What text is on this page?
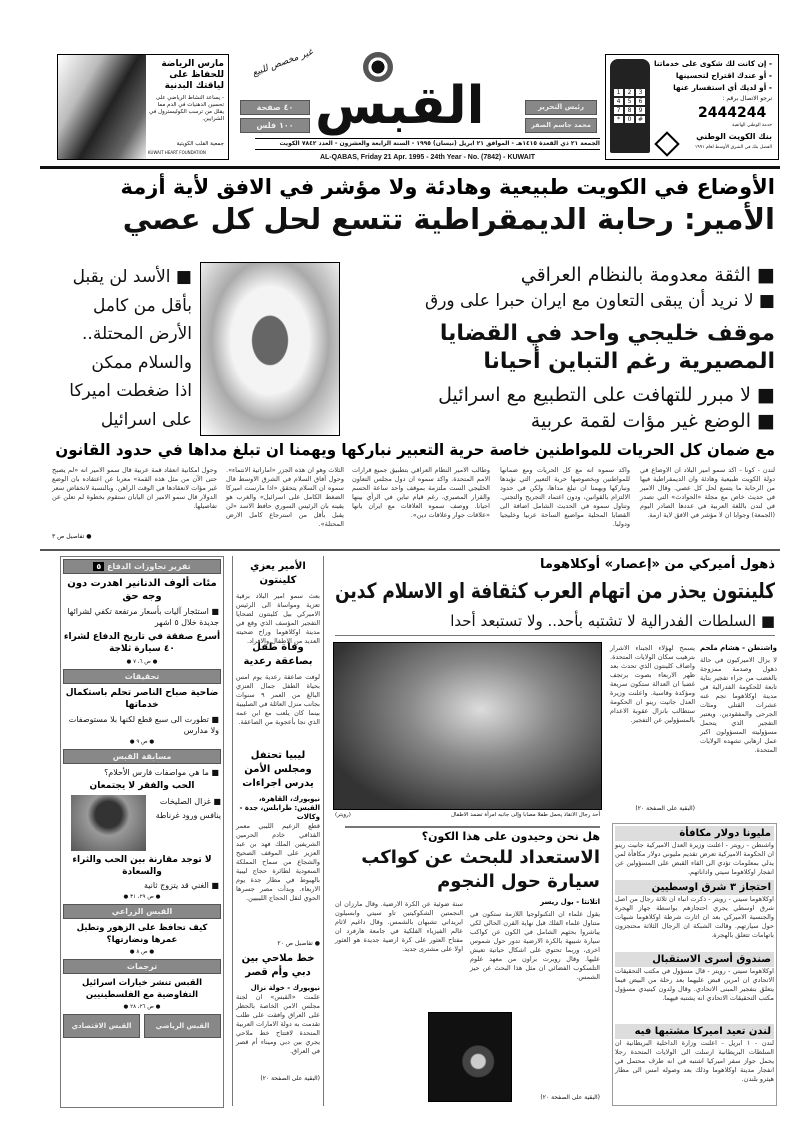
مارس الرياضة للحفاظ على لياقتك البدنية
- يساعد النشاط الرياضي على تحسين الدهنيات في الدم مما يقلل من ترسب الكوليسترول في الشرايين.
جمعية القلب الكويتية
KUWAIT HEART FOUNDATION
٤٠ صفحة
١٠٠ فلس
غير مخصص للبيع
القبس	رئيس التحرير
محمد جاسم الصقر
الجمعة ٢١ ذي القعدة ١٤١٥هـ - الموافق ٢١ ابريل (نيسان) ١٩٩٥ - السنة الرابعة والعشرون - العدد ٧٨٤٢ الكويت
AL-QABAS, Friday 21 Apr. 1995 - 24th Year - No. (7842) - KUWAIT
1	2	3
4	5	6
7	8	9
*	0	#
- إن كانت لك شكوى على خدماتنا
- أو عندك اقتراح لتحسينها
- أو لديك أي استفسار عنها
نرجو الاتصال برقم :
2444244
خدمة الوطني الهاتفية
بنك الكويت الوطني
الفضل بنك في الشرق الأوسط لعام ١٩٩١
الأوضاع في الكويت طبيعية وهادئة ولا مؤشر في الافق لأية أزمة
الأمير: رحابة الديمقراطية تتسع لحل كل عصي
■ الأسد لن يقبل
بأقل من كامل
الأرض المحتلة..
والسلام ممكن
اذا ضغطت اميركا
على اسرائيل
■ الثقة معدومة بالنظام العراقي
■ لا نريد أن يبقى التعاون مع ايران حبرا على ورق
موقف خليجي واحد في القضايا
المصيرية رغم التباين أحيانا
■ لا مبرر للتهافت على التطبيع مع اسرائيل
■ الوضع غير مؤات لقمة عربية
مع ضمان كل الحريات للمواطنين خاصة حرية التعبير نباركها ويهمنا ان تبلغ مداها في حدود القانون
لندن - كونا - اكد سمو امير البلاد ان الاوضاع في دولة الكويت طبيعية وهادئة وان الديمقراطية فيها من الرحابة ما يتسع لحل كل عصي. وقال الامير في حديث خاص مع مجلة «الحوادث» التي تصدر في لندن باللغة العربية في عددها الصادر اليوم (الجمعة) وجوابا ان لا مؤشر في الافق لاية ازمة.
واكد سموه انه مع كل الحريات ومع ضمانها للمواطنين وبخصوصها حرية التعبير التي نؤيدها ونباركها ويهمنا ان تبلغ مداها، ولكن في حدود الالتزام بالقوانين، ودون اعتماد التجريح والتجني. وتناول سموه في الحديث الشامل اضافة الى القضايا المحلية مواضيع الساحة عربيا وخليجيا ودوليا.
وطالب الامير النظام العراقي بتطبيق جميع قرارات الامم المتحدة. واكد سموه ان دول مجلس التعاون الخليجي الست ملتزمة بموقف واحد ساعة الحسم والقرار المصيري، رغم قيام تباين في الرأي بينها احيانا. ووصف سموه العلاقات مع ايران بانها «علاقات جوار وعلاقات دين».
الثلاث وهو ان هذه الجزر «اماراتية الانتماء». وحول آفاق السلام في الشرق الاوسط قال سموه ان السلام يتحقق «اذا مارست اميركا الضغط الكامل على اسرائيل» والغرب هو يقينه بان الرئيس السوري حافظ الاسد «لن يقبل بأقل من استرجاع كامل الارض المحتلة».
وحول امكانية انعقاد قمة عربية قال سمو الامير انه «لم يصبح حتى الآن من مثل هذه القمة» معربا عن اعتقاده بان الوضع غير مؤات لانعقادها في الوقت الراهن. وبالنسبة لانخفاض سعر الدولار قال سمو الامير ان اليابان ستقوم بخطوة لم تعلن عن تفاصيلها.
● تفاصيل ص ٣
تقرير تجاوزات الدفاع ٥
مئات ألوف الدنانير اهدرت دون وجه حق
■ استئجار آليات بأسعار مرتفعة تكفي لشرائها جديدة خلال ٥ اشهر
أسرع صفقة في تاريخ الدفاع لشراء ٤٠ سيارة ثلاجة
● ص ٦، ٧ ●
تحقيقات
ضاحية صباح الناصر تحلم باستكمال خدماتها
■ تطورت الى سبع قطع لكنها بلا مستوصفات ولا مدارس
● ص ٩ ●
مسابقة القبس
■ ما هي مواصفات فارس الأحلام؟
الحب والفقر لا يجتمعان
■ غزال الصليخات ينافس ورود غرناطة
لا توجد مقارنة بين الحب والثراء والسعادة
■ الغني قد يتزوج ثانية
● ص ٢٩، ٣١ ●
القبس الزراعي
كيف تحافظ على الزهور وتطيل عمرها ونضارتها؟
● ص ٨ ●
ترجمات
القبس تنشر خيارات اسرائيل التفاوضية مع الفلسطينيين
● ص ٢٦، ٢٨ ●
القبس الرياضي
القبس الاقتصادي
الأمير يعزي كلينتون
بعث سمو امير البلاد برقية تعزية ومواساة الى الرئيس الاميركي بيل كلينتون لضحايا التفجير المؤسف الذي وقع في مدينة اوكلاهوما وراح ضحيته العديد من الاطفال والافراد.
وفاة طفل بصاعقة رعدية
لوفت صاعقة رعدية يوم امس بحياة الطفل جمال العنزي البالغ من العمر ٩ سنوات بجانب منزل العائلة في الصليبية بينما كان يلعب مع ابن عمه الذي نجا بأعجوبة من الصاعقة.
ليبيا تحتفل ومجلس الأمن يدرس اجراءات
نيويورك، القاهرة، القبس: طرابلس، جدة - وكالات
قطع الزعيم الليبي معمر القذافي خادم الحرمين الشريفين الملك فهد بن عبد العزيز على الموقف الصحيح والشجاع من سماح المملكة السعودية لطائرة حجاج ليبية بالهبوط في مطار جدة يوم الاربعاء. وبدأت مصر جسرها الجوي لنقل الحجاج الليبيين.
● تفاصيل ص ٢٠
خط ملاحي بين دبي وأم قصر
نيويورك - خولة نزال
علمت «القبس» ان لجنة مجلس الامن الخاصة بالحظر على العراق وافقت على طلب تقدمت به دولة الامارات العربية المتحدة لافتتاح خط ملاحي يجري بين دبي وميناء أم قصر في العراق.
(البقية على الصفحة ٢٠)
ذهول أميركي من «إعصار» أوكلاهوما
كلينتون يحذر من اتهام العرب كثقافة او الاسلام كدين
■ السلطات الفدرالية لا تشتبه بأحد.. ولا تستبعد أحدا
أحد رجال الانقاذ يحمل طفلا مصابا وإلى جانبه امرأة تضمد الاطفال
(رويتر)
واشنطن - هشام ملحم
لا يزال الاميركيون في حالة ذهول وصدمة ممزوجة بالغضب من جراء تفجير بناية تابعة للحكومة الفدرالية في مدينة اوكلاهوما نجم عنه عشرات القتلى ومئات الجرحى والمفقودين. ويعتبر التفجير الذي يتحمل مسؤوليته المسؤولون اكبر عمل ارهابي تشهده الولايات المتحدة.
يسمح لهؤلاء الجبناء الاشرار بترهيب سكان الولايات المتحدة. واضاف كلينتون الذي تحدث بعد ظهر الاربعاء بصوت يرتجف غضبا ان العدالة ستكون سريعة ومؤكدة وقاسية. واعلنت وزيرة العدل جانيت رينو ان الحكومة ستطالب بانزال عقوبة الاعدام بالمسؤولين عن التفجير.
(البقية على الصفحة ٢٠)
مليونا دولار مكافأة
واشنطن - رويتر - اعلنت وزيرة العدل الاميركية جانيت رينو ان الحكومة الاميركية تعرض تقديم مليوني دولار مكافأة لمن يدلي بمعلومات تؤدي الى القاء القبض على المسؤولين عن انفجار اوكلاهوما سيتي واداناتهم.
احتجاز ٣ شرق اوسطيين
اوكلاهوما سيتي - رويتر - ذكرت انباء ان ثلاثة رجال من اصل شرق اوسطي يجري احتجازهم بواسطة جهاز الهجرة والجنسية الاميركي بعد ان اثارت شرطة اوكلاهوما شبهات حول سيارتهم. وقالت الشبكة ان الرجال الثلاثة محتجزون باتهامات تتعلق بالهجرة.
صندوق أسرى الاستقبال
اوكلاهوما سيتي - رويتر - قال مسؤول في مكتب التحقيقات الاتحادي ان امرين قبض عليهما بعد رحلة من البيض فيما يتعلق بتفجير المبنى الاتحادي. وقال ولدون كينيدي مسؤول مكتب التحقيقات الاتحادي انه يشتبه فيهما.
لندن تعيد اميركا مشتبها فيه
لندن - ١ ابريل - اعلنت وزارة الداخلية البريطانية ان السلطات البريطانية ارسلت الى الولايات المتحدة رجلا يحمل جواز سفر اميركيا اشتبه في انه طرف محتمل في انفجار مدينة اوكلاهوما وذلك بعد وصوله امس الى مطار هيثرو بلندن.
هل نحن وحيدون على هذا الكون؟
الاستعداد للبحث عن كواكب
سيارة حول النجوم
اتلانتا - بول ريسر
يقول علماء ان التكنولوجيا اللازمة ستكون في متناول علماء الفلك قبل نهاية القرن الحالي لكي يباشروا بحثهم الشامل في الكون عن كواكب سيارة شبيهة بالكرة الارضية تدور حول شموس اخرى، وربما تحتوي على اشكال حياتية تعيش عليها. وقال روبرت براون من معهد علوم التلسكوب الفضائي ان مثل هذا البحث عن حيز الشمس.
سنة ضوئية عن الكرة الارضية. وقال مارزان ان النجمتين الشكوكيتين تاو سيتي وابسيلون ايريداني تشبهان بالشمس. وقال داغيم لاثام عالم الفيزياء الفلكية في جامعة هارفرد ان مفتاح العثور على كرة ارضية جديدة هو العثور اولا على مشترى جديد.
(البقية على الصفحة ٢٠)
